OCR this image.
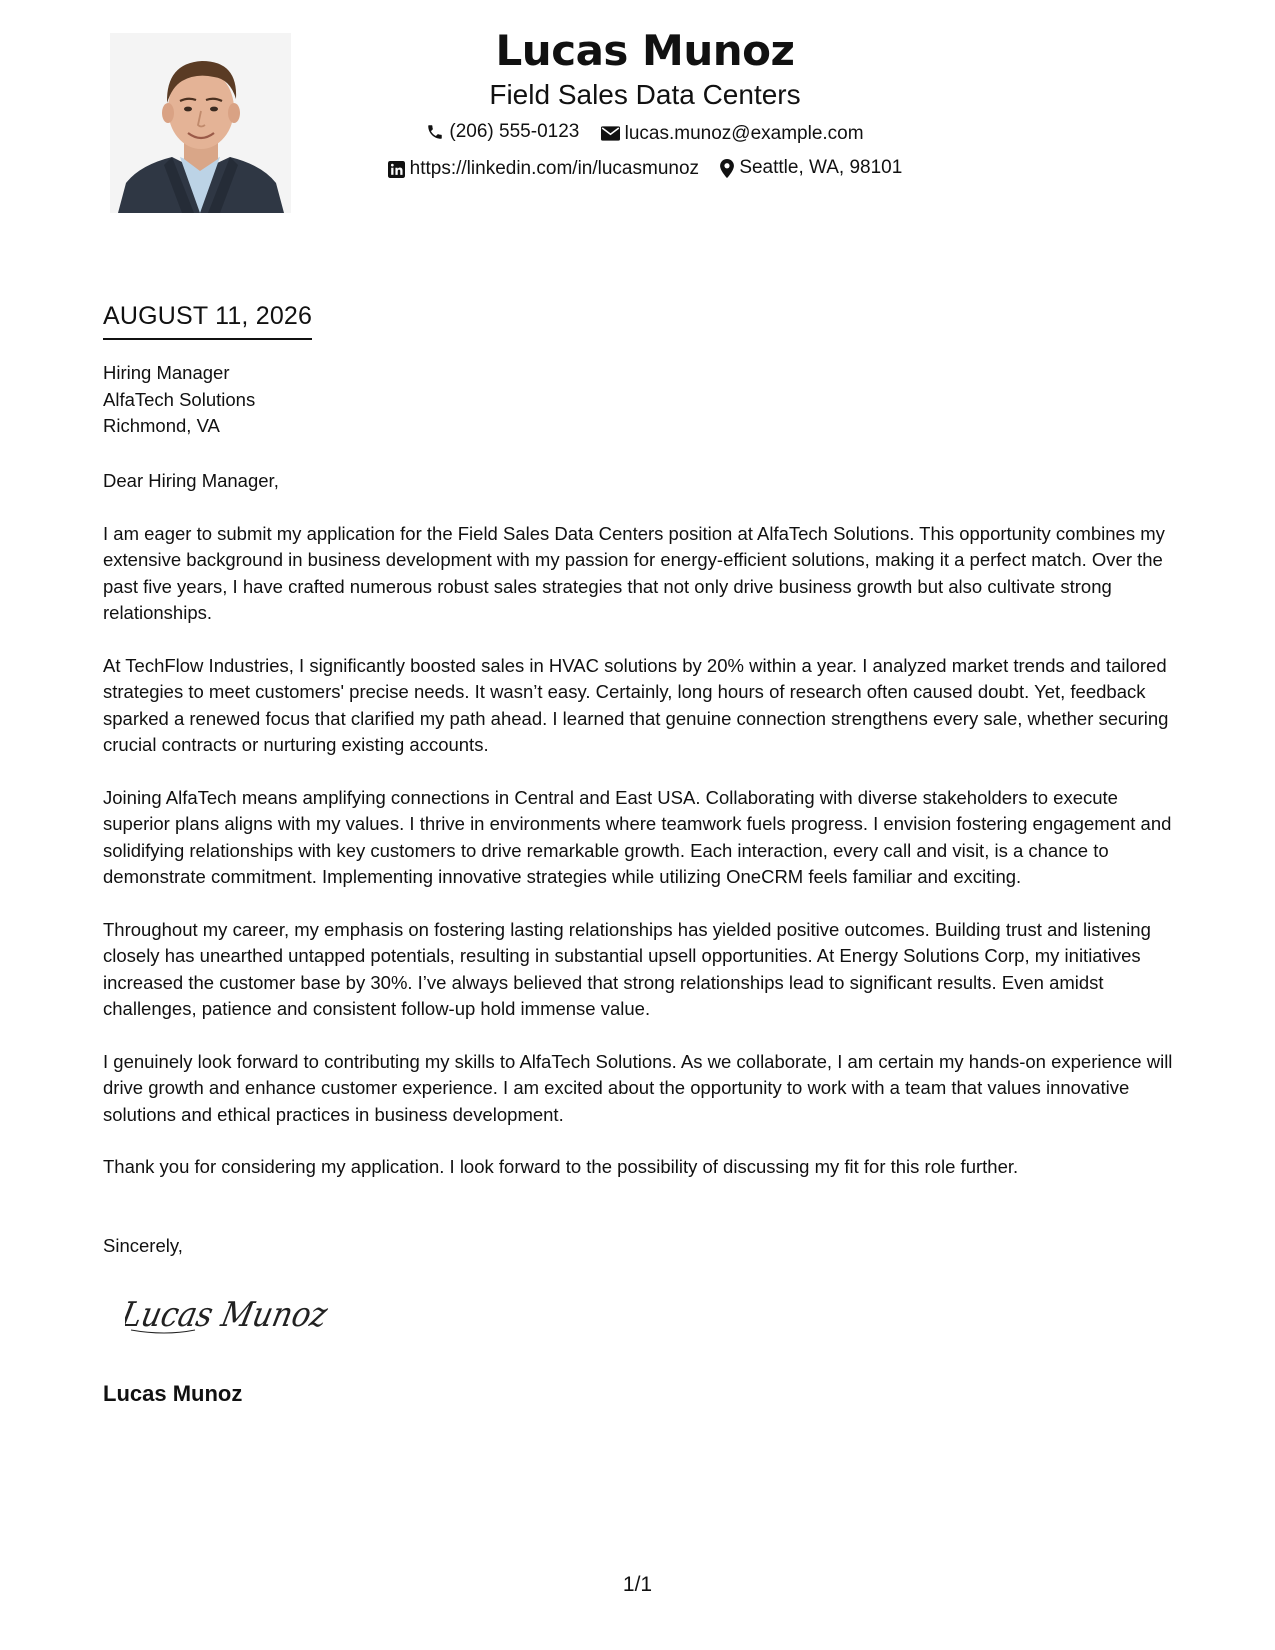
Lucas Munoz
Field Sales Data Centers
(206) 555-0123
lucas.munoz@example.com
https://linkedin.com/in/lucasmunoz
Seattle, WA, 98101
AUGUST 11, 2026
Hiring Manager
AlfaTech Solutions
Richmond, VA

Dear Hiring Manager,

I am eager to submit my application for the Field Sales Data Centers position at AlfaTech Solutions. This opportunity combines my extensive background in business development with my passion for energy-efficient solutions, making it a perfect match. Over the past five years, I have crafted numerous robust sales strategies that not only drive business growth but also cultivate strong relationships.

At TechFlow Industries, I significantly boosted sales in HVAC solutions by 20% within a year. I analyzed market trends and tailored strategies to meet customers' precise needs. It wasn’t easy. Certainly, long hours of research often caused doubt. Yet, feedback sparked a renewed focus that clarified my path ahead. I learned that genuine connection strengthens every sale, whether securing crucial contracts or nurturing existing accounts.

Joining AlfaTech means amplifying connections in Central and East USA. Collaborating with diverse stakeholders to execute superior plans aligns with my values. I thrive in environments where teamwork fuels progress. I envision fostering engagement and solidifying relationships with key customers to drive remarkable growth. Each interaction, every call and visit, is a chance to demonstrate commitment. Implementing innovative strategies while utilizing OneCRM feels familiar and exciting.

Throughout my career, my emphasis on fostering lasting relationships has yielded positive outcomes. Building trust and listening closely has unearthed untapped potentials, resulting in substantial upsell opportunities. At Energy Solutions Corp, my initiatives increased the customer base by 30%. I’ve always believed that strong relationships lead to significant results. Even amidst challenges, patience and consistent follow-up hold immense value.

I genuinely look forward to contributing my skills to AlfaTech Solutions. As we collaborate, I am certain my hands-on experience will drive growth and enhance customer experience. I am excited about the opportunity to work with a team that values innovative solutions and ethical practices in business development.

Thank you for considering my application. I look forward to the possibility of discussing my fit for this role further.

Sincerely,
Lucas Munoz
Lucas Munoz
1/1
